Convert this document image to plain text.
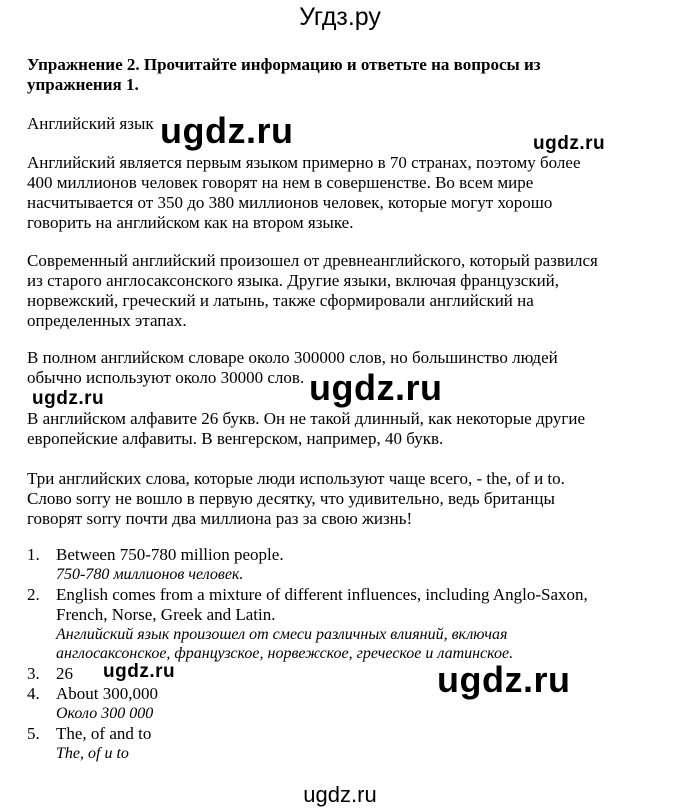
Угдз.ру
Упражнение 2. Прочитайте информацию и ответьте на вопросы из
упражнения 1.
Английский язык
Английский является первым языком примерно в 70 странах, поэтому более
400 миллионов человек говорят на нем в совершенстве. Во всем мире
насчитывается от 350 до 380 миллионов человек, которые могут хорошо
говорить на английском как на втором языке.
Современный английский произошел от древнеанглийского, который развился
из старого англосаксонского языка. Другие языки, включая французский,
норвежский, греческий и латынь, также сформировали английский на
определенных этапах.
В полном английском словаре около 300000 слов, но большинство людей
обычно используют около 30000 слов.
В английском алфавите 26 букв. Он не такой длинный, как некоторые другие
европейские алфавиты. В венгерском, например, 40 букв.
Три английских слова, которые люди используют чаще всего, - the, of и to.
Слово sorry не вошло в первую десятку, что удивительно, ведь британцы
говорят sorry почти два миллиона раз за свою жизнь!
1. Between 750-780 million people.
750-780 миллионов человек.
2. English comes from a mixture of different influences, including Anglo-Saxon,
French, Norse, Greek and Latin.
Английский язык произошел от смеси различных влияний, включая
англосаксонское, французское, норвежское, греческое и латинское.
3. 26
4. About 300,000
Около 300 000
5. The, of and to
The, of и to
ugdz.ru	ugdz.ru
ugdz.ru
ugdz.ru
ugdz.ru	ugdz.ru
ugdz.ru
